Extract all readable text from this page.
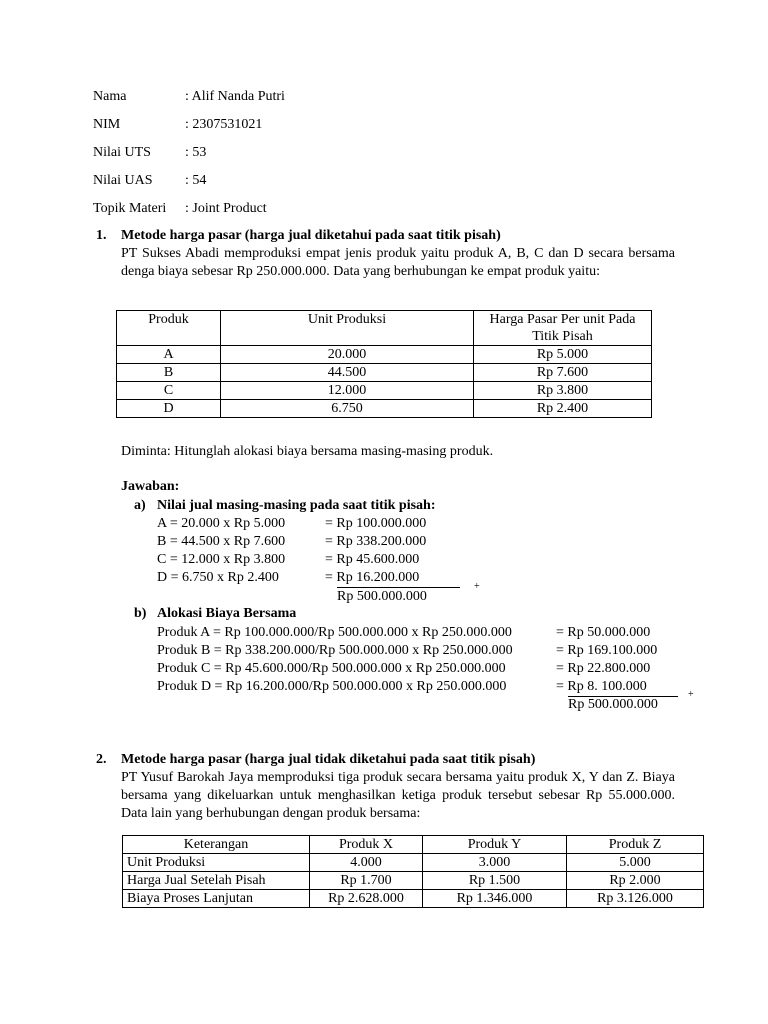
Nama	: Alif Nanda Putri
NIM	: 2307531021
Nilai UTS : 53
Nilai UAS : 54
Topik Materi : Joint Product
1. Metode harga pasar (harga jual diketahui pada saat titik pisah)
PT Sukses Abadi memproduksi empat jenis produk yaitu produk A, B, C dan D secara bersama denga biaya sebesar Rp 250.000.000. Data yang berhubungan ke empat produk yaitu:
Produk	Unit Produksi	Harga Pasar Per unit Pada Titik Pisah
A	20.000	Rp 5.000
B	44.500	Rp 7.600
C	12.000	Rp 3.800
D	6.750	Rp 2.400
Diminta: Hitunglah alokasi biaya bersama masing-masing produk.
Jawaban:
a) Nilai jual masing-masing pada saat titik pisah:
A = 20.000 x Rp 5.000	= Rp 100.000.000
B = 44.500 x Rp 7.600	= Rp 338.200.000
C = 12.000 x Rp 3.800	= Rp 45.600.000
D = 6.750 x Rp 2.400	= Rp 16.200.000
+
Rp 500.000.000
b) Alokasi Biaya Bersama
Produk A = Rp 100.000.000/Rp 500.000.000 x Rp 250.000.000	= Rp 50.000.000
Produk B = Rp 338.200.000/Rp 500.000.000 x Rp 250.000.000	= Rp 169.100.000
Produk C = Rp 45.600.000/Rp 500.000.000 x Rp 250.000.000	= Rp 22.800.000
Produk D = Rp 16.200.000/Rp 500.000.000 x Rp 250.000.000	= Rp 8. 100.000
+
Rp 500.000.000
2. Metode harga pasar (harga jual tidak diketahui pada saat titik pisah)
PT Yusuf Barokah Jaya memproduksi tiga produk secara bersama yaitu produk X, Y dan Z. Biaya bersama yang dikeluarkan untuk menghasilkan ketiga produk tersebut sebesar Rp 55.000.000. Data lain yang berhubungan dengan produk bersama:
Keterangan	Produk X	Produk Y	Produk Z
Unit Produksi	4.000	3.000	5.000
Harga Jual Setelah Pisah	Rp 1.700	Rp 1.500	Rp 2.000
Biaya Proses Lanjutan	Rp 2.628.000	Rp 1.346.000	Rp 3.126.000
